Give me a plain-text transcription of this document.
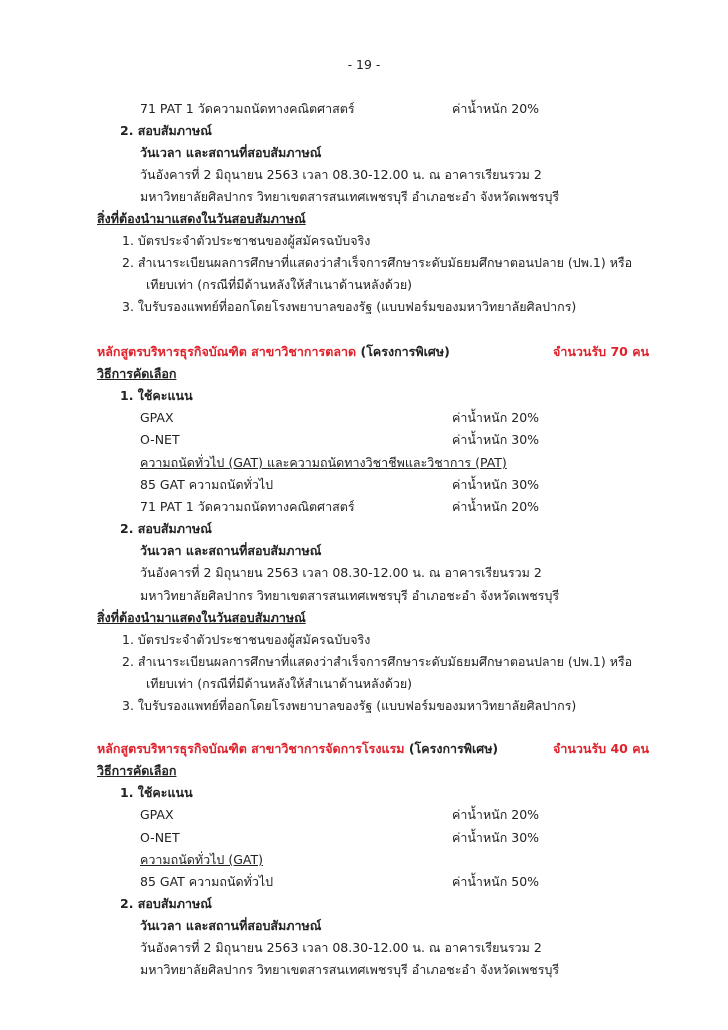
- 19 -
71 PAT 1 วัดความถนัดทางคณิตศาสตร์	ค่าน้ำหนัก 20%
2. สอบสัมภาษณ์
วันเวลา และสถานที่สอบสัมภาษณ์
วันอังคารที่ 2 มิถุนายน 2563 เวลา 08.30-12.00 น. ณ อาคารเรียนรวม 2
มหาวิทยาลัยศิลปากร วิทยาเขตสารสนเทศเพชรบุรี อำเภอชะอำ จังหวัดเพชรบุรี
สิ่งที่ต้องนำมาแสดงในวันสอบสัมภาษณ์
1. บัตรประจำตัวประชาชนของผู้สมัครฉบับจริง
2. สำเนาระเบียนผลการศึกษาที่แสดงว่าสำเร็จการศึกษาระดับมัธยมศึกษาตอนปลาย (ปพ.1) หรือ
เทียบเท่า (กรณีที่มีด้านหลังให้สำเนาด้านหลังด้วย)
3. ใบรับรองแพทย์ที่ออกโดยโรงพยาบาลของรัฐ (แบบฟอร์มของมหาวิทยาลัยศิลปากร)
หลักสูตรบริหารธุรกิจบัณฑิต สาขาวิชาการตลาด (โครงการพิเศษ)	จำนวนรับ 70 คน
วิธีการคัดเลือก
1. ใช้คะแนน
GPAX	ค่าน้ำหนัก 20%
O-NET	ค่าน้ำหนัก 30%
ความถนัดทั่วไป (GAT) และความถนัดทางวิชาชีพและวิชาการ (PAT)
85 GAT ความถนัดทั่วไป	ค่าน้ำหนัก 30%
71 PAT 1 วัดความถนัดทางคณิตศาสตร์	ค่าน้ำหนัก 20%
2. สอบสัมภาษณ์
วันเวลา และสถานที่สอบสัมภาษณ์
วันอังคารที่ 2 มิถุนายน 2563 เวลา 08.30-12.00 น. ณ อาคารเรียนรวม 2
มหาวิทยาลัยศิลปากร วิทยาเขตสารสนเทศเพชรบุรี อำเภอชะอำ จังหวัดเพชรบุรี
สิ่งที่ต้องนำมาแสดงในวันสอบสัมภาษณ์
1. บัตรประจำตัวประชาชนของผู้สมัครฉบับจริง
2. สำเนาระเบียนผลการศึกษาที่แสดงว่าสำเร็จการศึกษาระดับมัธยมศึกษาตอนปลาย (ปพ.1) หรือ
เทียบเท่า (กรณีที่มีด้านหลังให้สำเนาด้านหลังด้วย)
3. ใบรับรองแพทย์ที่ออกโดยโรงพยาบาลของรัฐ (แบบฟอร์มของมหาวิทยาลัยศิลปากร)
หลักสูตรบริหารธุรกิจบัณฑิต สาขาวิชาการจัดการโรงแรม (โครงการพิเศษ)	จำนวนรับ 40 คน
วิธีการคัดเลือก
1. ใช้คะแนน
GPAX	ค่าน้ำหนัก 20%
O-NET	ค่าน้ำหนัก 30%
ความถนัดทั่วไป (GAT)
85 GAT ความถนัดทั่วไป	ค่าน้ำหนัก 50%
2. สอบสัมภาษณ์
วันเวลา และสถานที่สอบสัมภาษณ์
วันอังคารที่ 2 มิถุนายน 2563 เวลา 08.30-12.00 น. ณ อาคารเรียนรวม 2
มหาวิทยาลัยศิลปากร วิทยาเขตสารสนเทศเพชรบุรี อำเภอชะอำ จังหวัดเพชรบุรี
